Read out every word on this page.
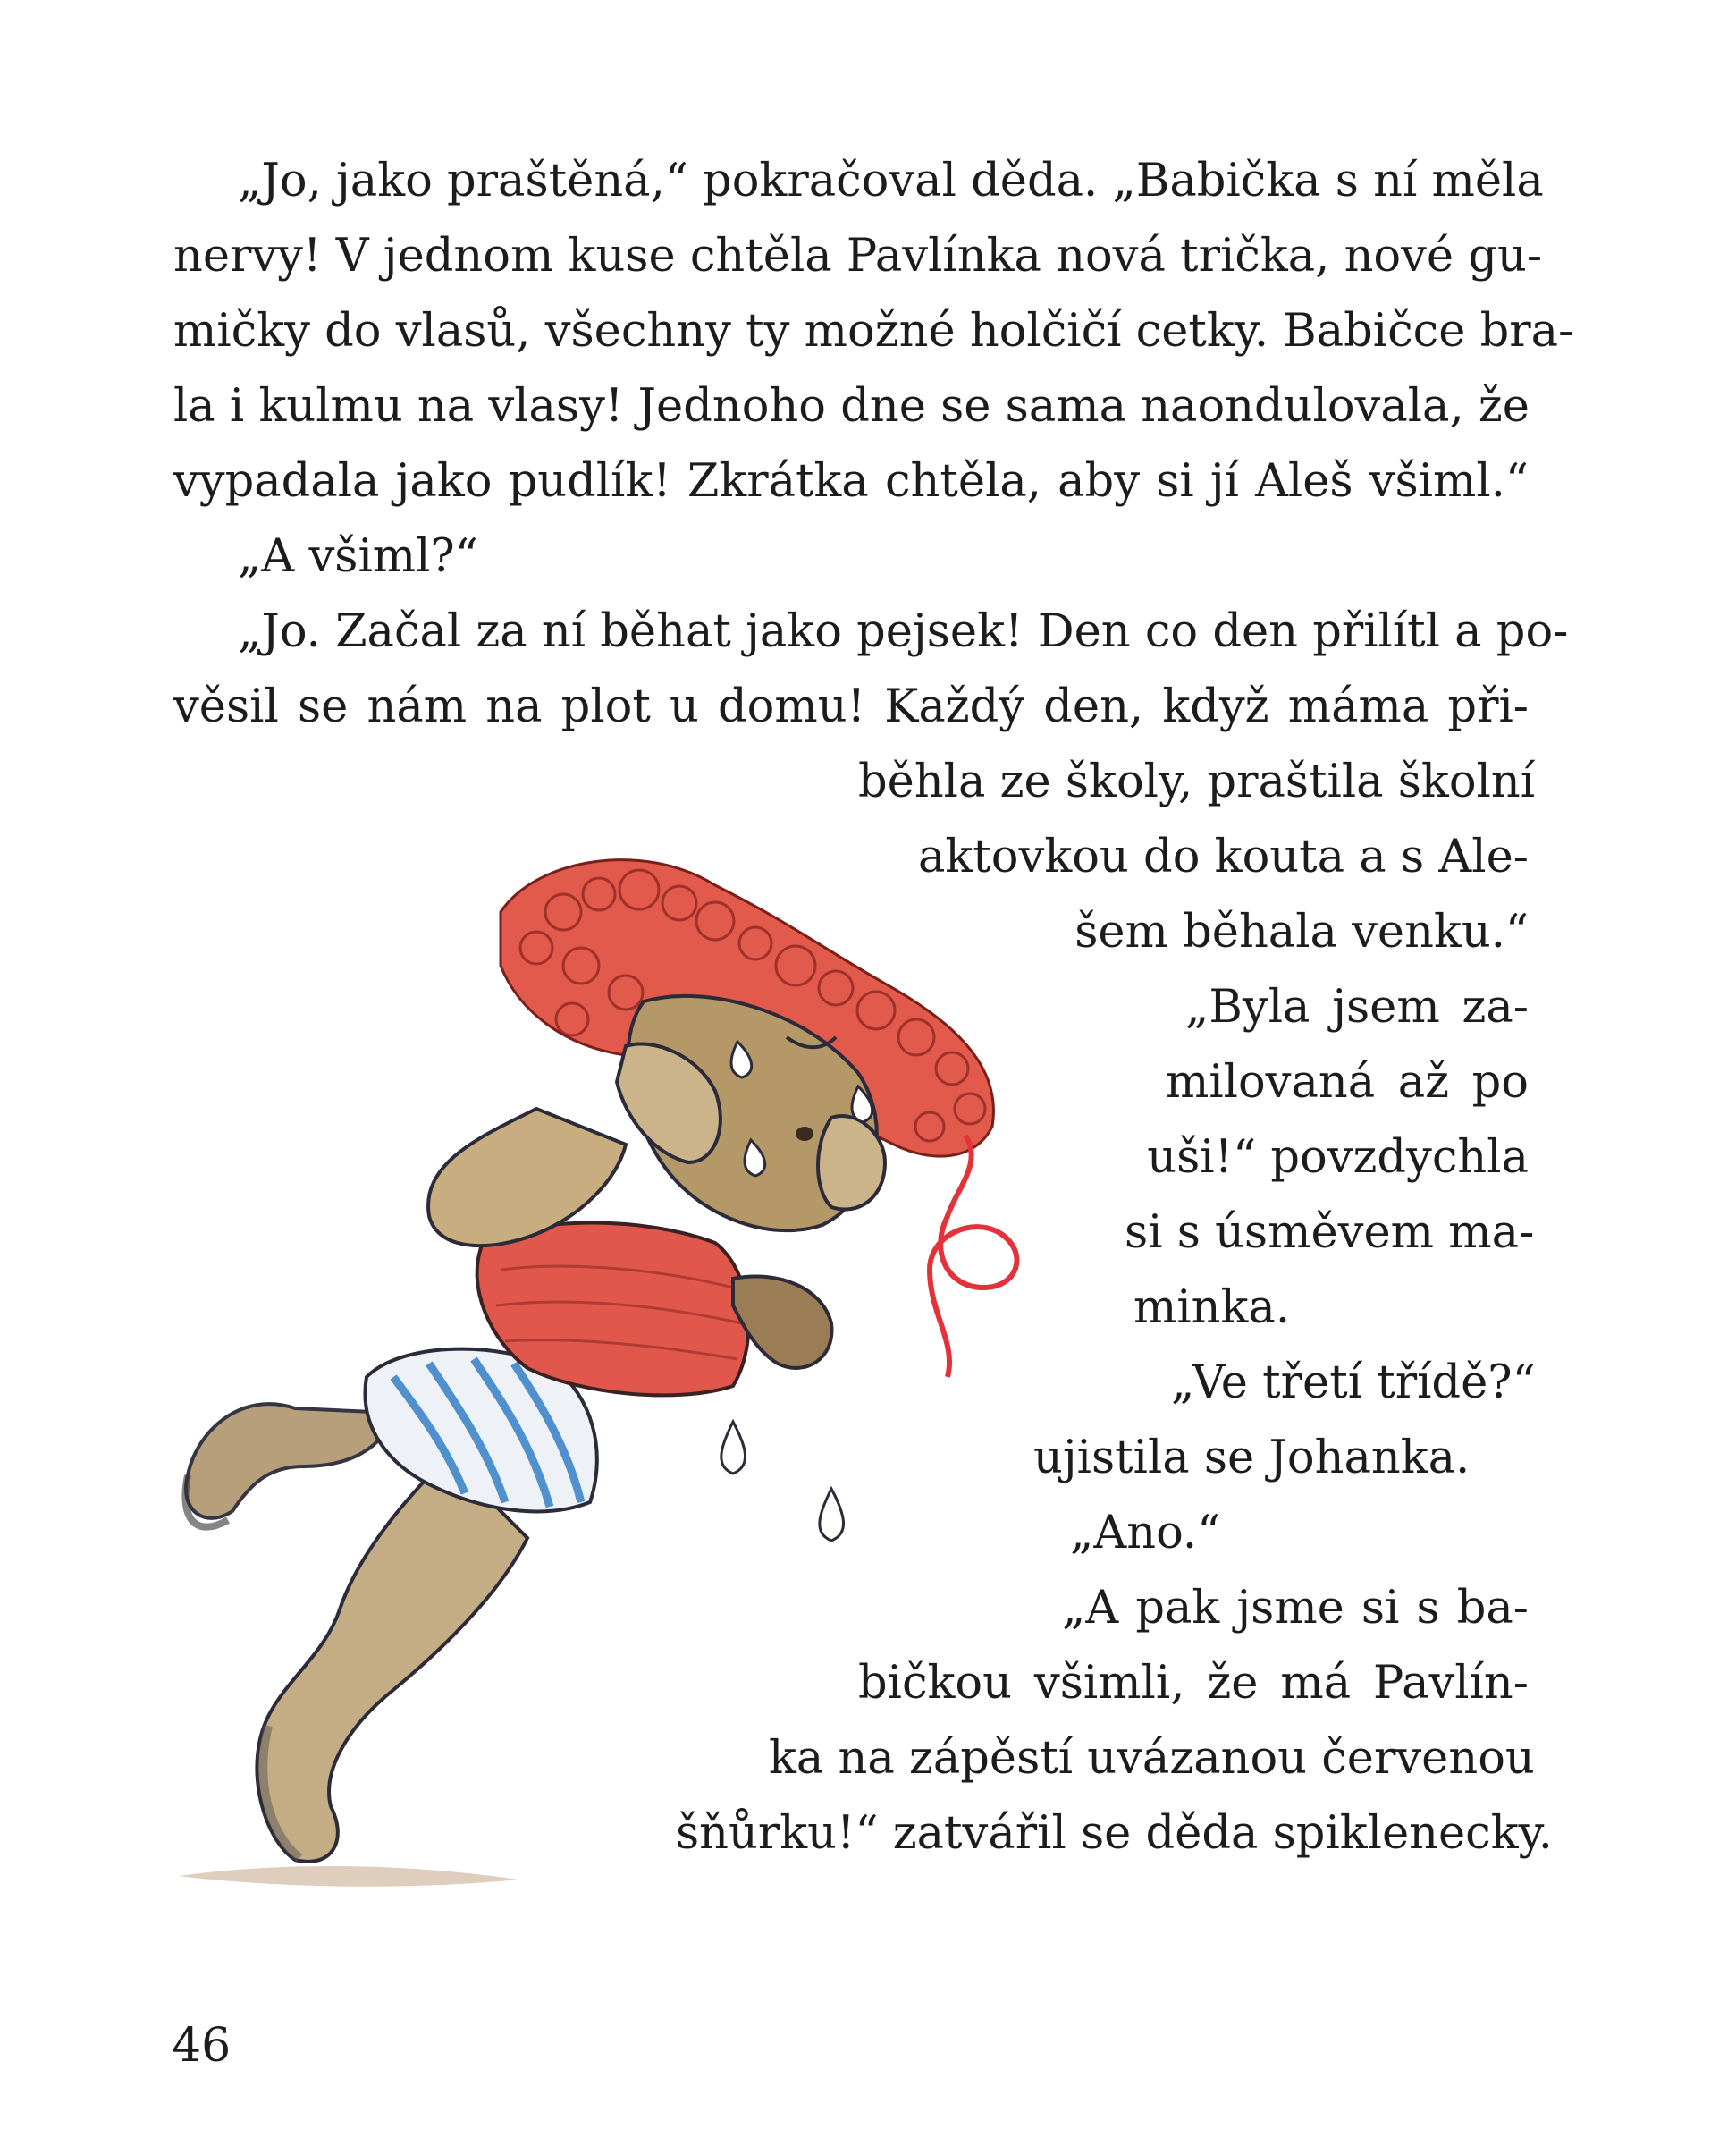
„Jo, jako praštěná,“ pokračoval děda. „Babička s ní měla
nervy! V jednom kuse chtěla Pavlínka nová trička, nové gu-
mičky do vlasů, všechny ty možné holčičí cetky. Babičce bra-
la i kulmu na vlasy! Jednoho dne se sama naondulovala, že
vypadala jako pudlík! Zkrátka chtěla, aby si jí Aleš všiml.“
„A všiml?“
„Jo. Začal za ní běhat jako pejsek! Den co den přilítl a po-
věsil se nám na plot u domu! Každý den, když máma při-
běhla ze školy, praštila školní
aktovkou do kouta a s Ale-
šem běhala venku.“
„Byla jsem za-
milovaná až po
uši!“ povzdychla
si s úsměvem ma-
minka.
„Ve třetí třídě?“
ujistila se Johanka.
„Ano.“
„A pak jsme si s ba-
bičkou všimli, že má Pavlín-
ka na zápěstí uvázanou červenou
šňůrku!“ zatvářil se děda spiklenecky.
46
